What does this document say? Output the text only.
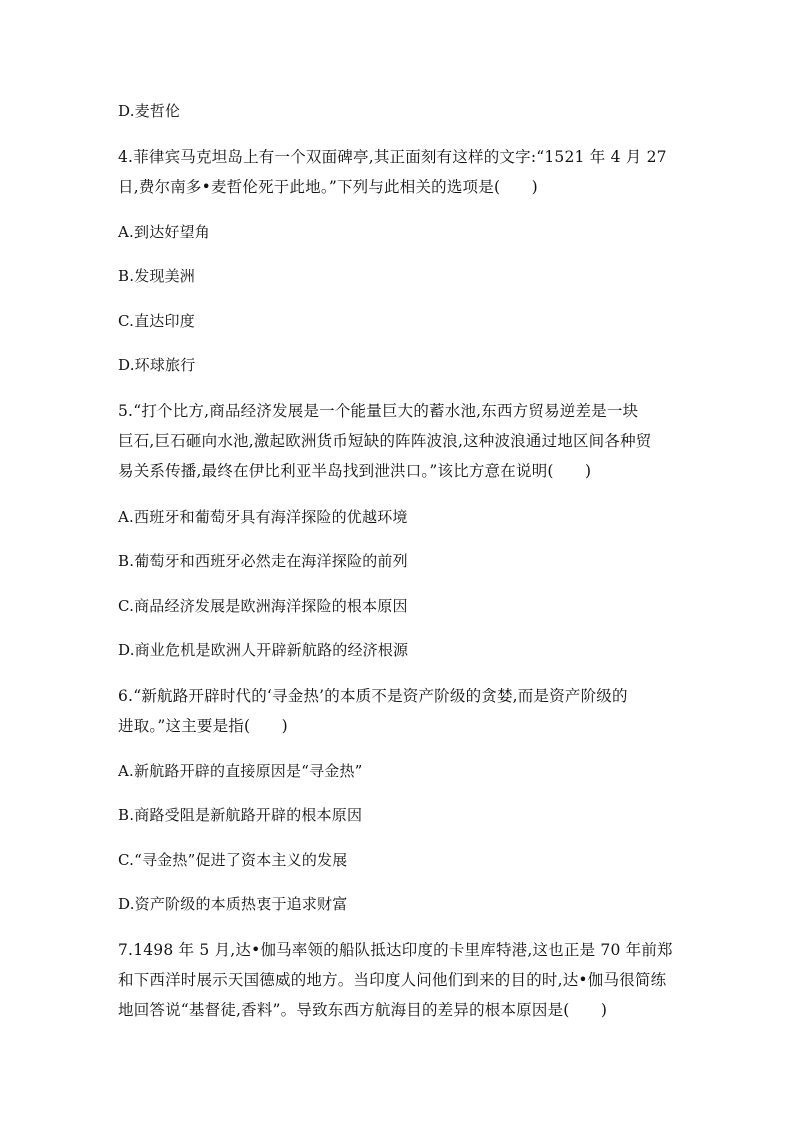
D.麦哲伦
4.菲律宾马克坦岛上有一个双面碑亭,其正面刻有这样的文字:“1521 年 4 月 27
日,费尔南多•麦哲伦死于此地。”下列与此相关的选项是(　　)
A.到达好望角
B.发现美洲
C.直达印度
D.环球旅行
5.“打个比方,商品经济发展是一个能量巨大的蓄水池,东西方贸易逆差是一块
巨石,巨石砸向水池,激起欧洲货币短缺的阵阵波浪,这种波浪通过地区间各种贸
易关系传播,最终在伊比利亚半岛找到泄洪口。”该比方意在说明(　　)
A.西班牙和葡萄牙具有海洋探险的优越环境
B.葡萄牙和西班牙必然走在海洋探险的前列
C.商品经济发展是欧洲海洋探险的根本原因
D.商业危机是欧洲人开辟新航路的经济根源
6.“新航路开辟时代的‘寻金热’的本质不是资产阶级的贪婪,而是资产阶级的
进取。”这主要是指(　　)
A.新航路开辟的直接原因是“寻金热”
B.商路受阻是新航路开辟的根本原因
C.“寻金热”促进了资本主义的发展
D.资产阶级的本质热衷于追求财富
7.1498 年 5 月,达•伽马率领的船队抵达印度的卡里库特港,这也正是 70 年前郑
和下西洋时展示天国德威的地方。当印度人问他们到来的目的时,达•伽马很简练
地回答说“基督徒,香料”。导致东西方航海目的差异的根本原因是(　　)
